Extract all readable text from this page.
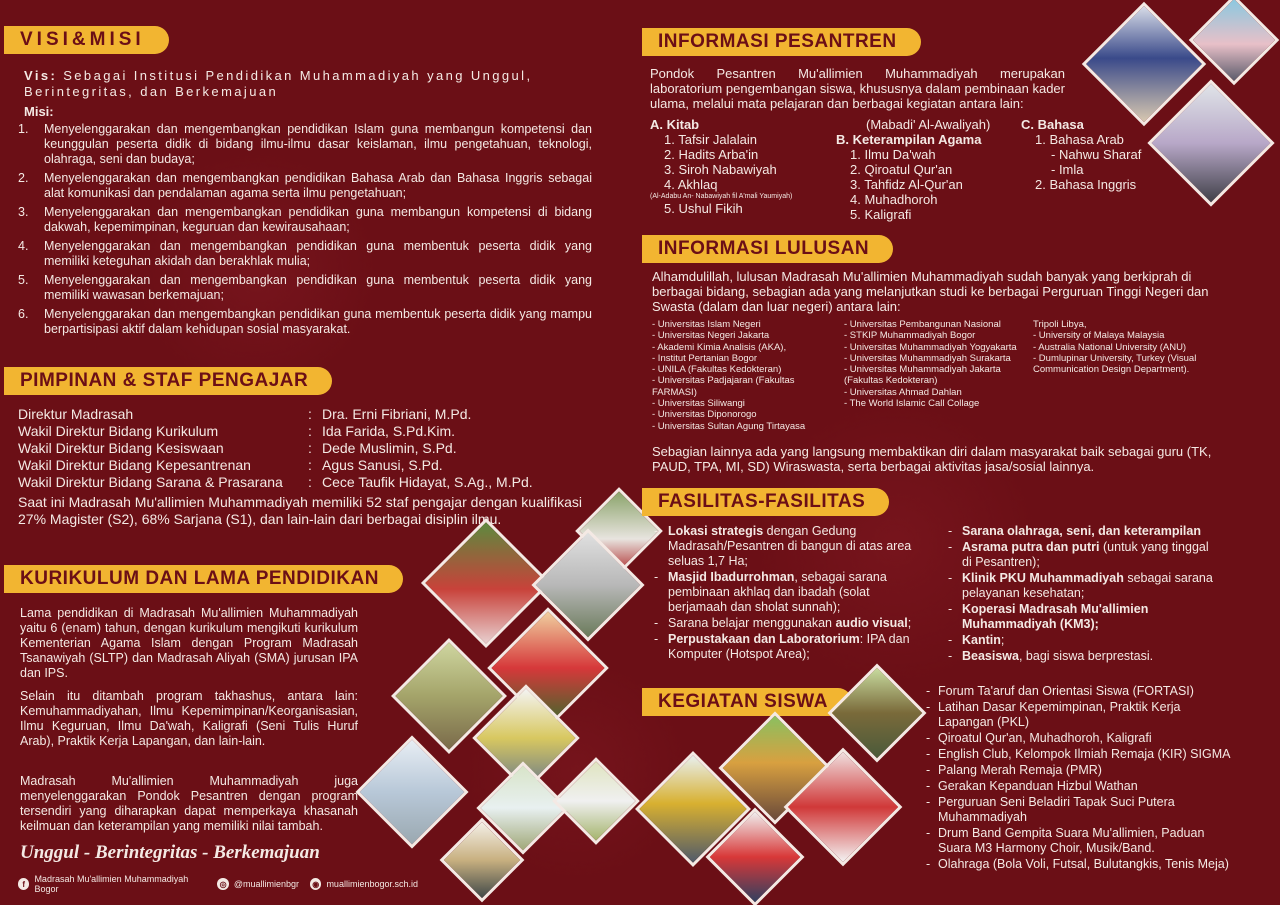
VISI&MISI
Vis: Sebagai Institusi Pendidikan Muhammadiyah yang Unggul, Berintegritas, dan Berkemajuan
Misi:
1.	Menyelenggarakan dan mengembangkan pendidikan Islam guna membangun kompetensi dan keunggulan peserta didik di bidang ilmu-ilmu dasar keislaman, ilmu pengetahuan, teknologi, olahraga, seni dan budaya;
2.	Menyelenggarakan dan mengembangkan pendidikan Bahasa Arab dan Bahasa Inggris sebagai alat komunikasi dan pendalaman agama serta ilmu pengetahuan;
3.	Menyelenggarakan dan mengembangkan pendidikan guna membangun kompetensi di bidang dakwah, kepemimpinan, keguruan dan kewirausahaan;
4.	Menyelenggarakan dan mengembangkan pendidikan guna membentuk peserta didik yang memiliki keteguhan akidah dan berakhlak mulia;
5.	Menyelenggarakan dan mengembangkan pendidikan guna membentuk peserta didik yang memiliki wawasan berkemajuan;
6.	Menyelenggarakan dan mengembangkan pendidikan guna membentuk peserta didik yang mampu berpartisipasi aktif dalam kehidupan sosial masyarakat.
PIMPINAN & STAF PENGAJAR
Direktur Madrasah	: Dra. Erni Fibriani, M.Pd.
Wakil Direktur Bidang Kurikulum	: Ida Farida, S.Pd.Kim.
Wakil Direktur Bidang Kesiswaan	: Dede Muslimin, S.Pd.
Wakil Direktur Bidang Kepesantrenan	: Agus Sanusi, S.Pd.
Wakil Direktur Bidang Sarana & Prasarana	: Cece Taufik Hidayat, S.Ag., M.Pd.
Saat ini Madrasah Mu'allimien Muhammadiyah memiliki 52 staf pengajar dengan kualifikasi 27% Magister (S2), 68% Sarjana (S1), dan lain-lain dari berbagai disiplin ilmu.
KURIKULUM DAN LAMA PENDIDIKAN
Lama pendidikan di Madrasah Mu'allimien Muhammadiyah yaitu 6 (enam) tahun, dengan kurikulum mengikuti kurikulum Kementerian Agama Islam dengan Program Madrasah Tsanawiyah (SLTP) dan Madrasah Aliyah (SMA) jurusan IPA dan IPS.
Selain itu ditambah program takhashus, antara lain: Kemuhammadiyahan, Ilmu Kepemimpinan/Keorganisasian, Ilmu Keguruan, Ilmu Da'wah, Kaligrafi (Seni Tulis Huruf Arab), Praktik Kerja Lapangan, dan lain-lain.
Madrasah Mu'allimien Muhammadiyah juga menyelenggarakan Pondok Pesantren dengan program tersendiri yang diharapkan dapat memperkaya khasanah keilmuan dan keterampilan yang memiliki nilai tambah.
Unggul - Berintegritas - Berkemajuan
f	Madrasah Mu'allimien Muhammadiyah Bogor	◎ @muallimienbgr ◉ muallimienbogor.sch.id
INFORMASI PESANTREN
Pondok Pesantren Mu'allimien Muhammadiyah merupakan laboratorium pengembangan siswa, khususnya dalam pembinaan kader ulama, melalui mata pelajaran dan berbagai kegiatan antara lain:
A. Kitab
1. Tafsir Jalalain
2. Hadits Arba'in
3. Siroh Nabawiyah
4. Akhlaq
(Al-Adabu An- Nabawiyah fil A'mali Yaumiyah)
5. Ushul Fikih
(Mabadi' Al-Awaliyah)
B. Keterampilan Agama
1. Ilmu Da'wah
2. Qiroatul Qur'an
3. Tahfidz Al-Qur'an
4. Muhadhoroh
5. Kaligrafi
C. Bahasa
1. Bahasa Arab
- Nahwu Sharaf
- Imla
2. Bahasa Inggris
INFORMASI LULUSAN
Alhamdulillah, lulusan Madrasah Mu'allimien Muhammadiyah sudah banyak yang berkiprah di berbagai bidang, sebagian ada yang melanjutkan studi ke berbagai Perguruan Tinggi Negeri dan Swasta (dalam dan luar negeri) antara lain:
- Universitas Islam Negeri
- Universitas Negeri Jakarta
- Akademi Kimia Analisis (AKA),
- Institut Pertanian Bogor
- UNILA (Fakultas Kedokteran)
- Universitas Padjajaran (Fakultas FARMASI)
- Universitas Siliwangi
- Universitas Diponorogo
- Universitas Sultan Agung Tirtayasa
- Universitas Pembangunan Nasional
- STKIP Muhammadiyah Bogor
- Universitas Muhammadiyah Yogyakarta
- Universitas Muhammadiyah Surakarta
- Universitas Muhammadiyah Jakarta (Fakultas Kedokteran)
- Universitas Ahmad Dahlan
- The World Islamic Call Collage
Tripoli Libya,
- University of Malaya Malaysia
- Australia National University (ANU)
- Dumlupinar University, Turkey (Visual Communication Design Department).
Sebagian lainnya ada yang langsung membaktikan diri dalam masyarakat baik sebagai guru (TK, PAUD, TPA, MI, SD) Wiraswasta, serta berbagai aktivitas jasa/sosial lainnya.
FASILITAS-FASILITAS
- Lokasi strategis dengan Gedung Madrasah/Pesantren di bangun di atas area seluas 1,7 Ha;
- Masjid Ibadurrohman, sebagai sarana pembinaan akhlaq dan ibadah (solat berjamaah dan sholat sunnah);
- Sarana belajar menggunakan audio visual;
- Perpustakaan dan Laboratorium: IPA dan Komputer (Hotspot Area);
- Sarana olahraga, seni, dan keterampilan
- Asrama putra dan putri (untuk yang tinggal di Pesantren);
- Klinik PKU Muhammadiyah sebagai sarana pelayanan kesehatan;
- Koperasi Madrasah Mu'allimien Muhammadiyah (KM3);
- Kantin;
- Beasiswa, bagi siswa berprestasi.
KEGIATAN SISWA
-	Forum Ta'aruf dan Orientasi Siswa (FORTASI)
- Latihan Dasar Kepemimpinan, Praktik Kerja Lapangan (PKL)
- Qiroatul Qur'an, Muhadhoroh, Kaligrafi
- English Club, Kelompok Ilmiah Remaja (KIR) SIGMA
- Palang Merah Remaja (PMR)
- Gerakan Kepanduan Hizbul Wathan
- Perguruan Seni Beladiri Tapak Suci Putera Muhammadiyah
- Drum Band Gempita Suara Mu'allimien, Paduan Suara M3 Harmony Choir, Musik/Band.
- Olahraga (Bola Voli, Futsal, Bulutangkis, Tenis Meja)
